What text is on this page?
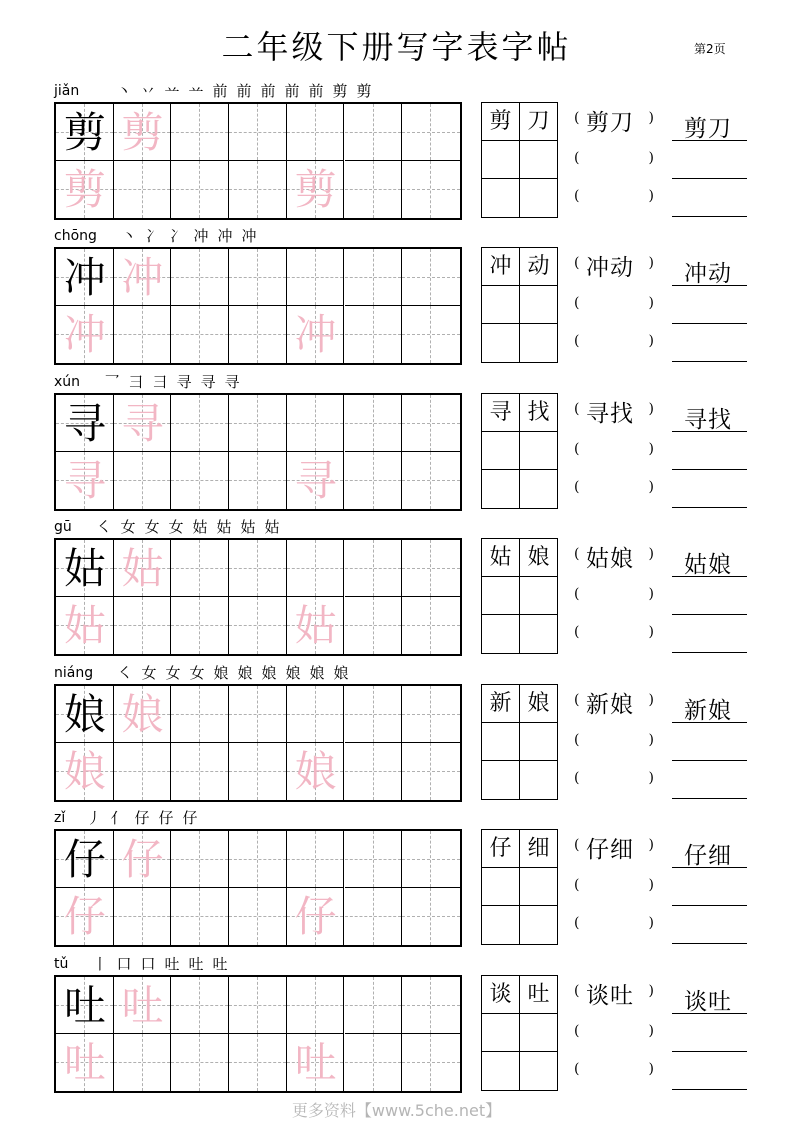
二年级下册写字表字帖	第2页
jiǎn 丶 丷 䒑 䒑 前 前 前 前 前 剪 剪
剪 剪
剪	剪
剪 刀	(	)
剪刀
(	)
(	)
剪刀
chōng 丶 冫 冫 冲 冲 冲
冲 冲
冲	冲
冲 动	(	)
冲动
(	)
(	)
冲动
xún 乛 彐 彐 寻 寻 寻
寻 寻
寻	寻
寻 找	(	)
寻找
(	)
(	)
寻找
gū ㇛ 女 女 女 姑 姑 姑 姑
姑 姑
姑	姑
姑 娘	(	)
姑娘
(	)
(	)
姑娘
niáng ㇛ 女 女 女 娘 娘 娘 娘 娘 娘
娘 娘
娘	娘
新 娘	(	)
新娘
(	)
(	)
新娘
zǐ 丿 亻 仔 仔 仔
仔 仔
仔	仔
仔 细	(	)
仔细
(	)
(	)
仔细
tǔ 丨 口 口 吐 吐 吐
吐 吐
吐	吐
谈 吐	(	)
谈吐
(	)
(	)
谈吐
更多资料【www.5che.net】
